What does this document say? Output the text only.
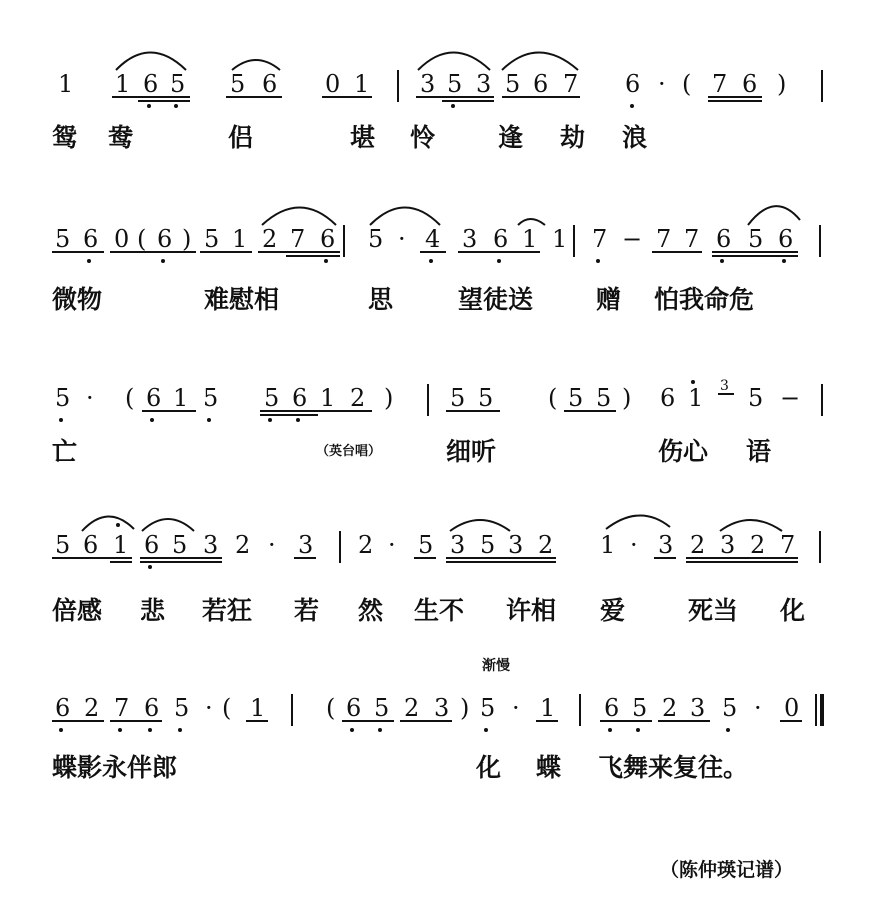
1 1 6 5 5 6 0 1 3 5 3 5 6 7 6 · ( 7 6 )
鸳 鸯	侣	堪 怜	逢 劫 浪
5 6 0 ( 6 ) 5 1 2 7 6 5 · 4 3 6 1 1 7 − 7 7 6 5 6
微物	难慰相	思	望徒送	赠 怕我命危
5 · ( 6 1 5 5 6 1 2 ) 5 5 ( 5 5 ) 6 1 3 5 −
亡	（英台唱）	细听	伤心 语
5 6 1 6 5 3 2 · 3 2 · 5 3 5 3 2 1 · 3 2 3 2 7
倍感 悲 若狂 若 然 生不 许相 爱	死当 化
渐慢
6 2 7 6 5 · ( 1	( 6 5 2 3 ) 5 · 1 6 5 2 3 5 · 0
蝶影永伴郎	化 蝶 飞舞来复往。
（陈仲瑛记谱）
